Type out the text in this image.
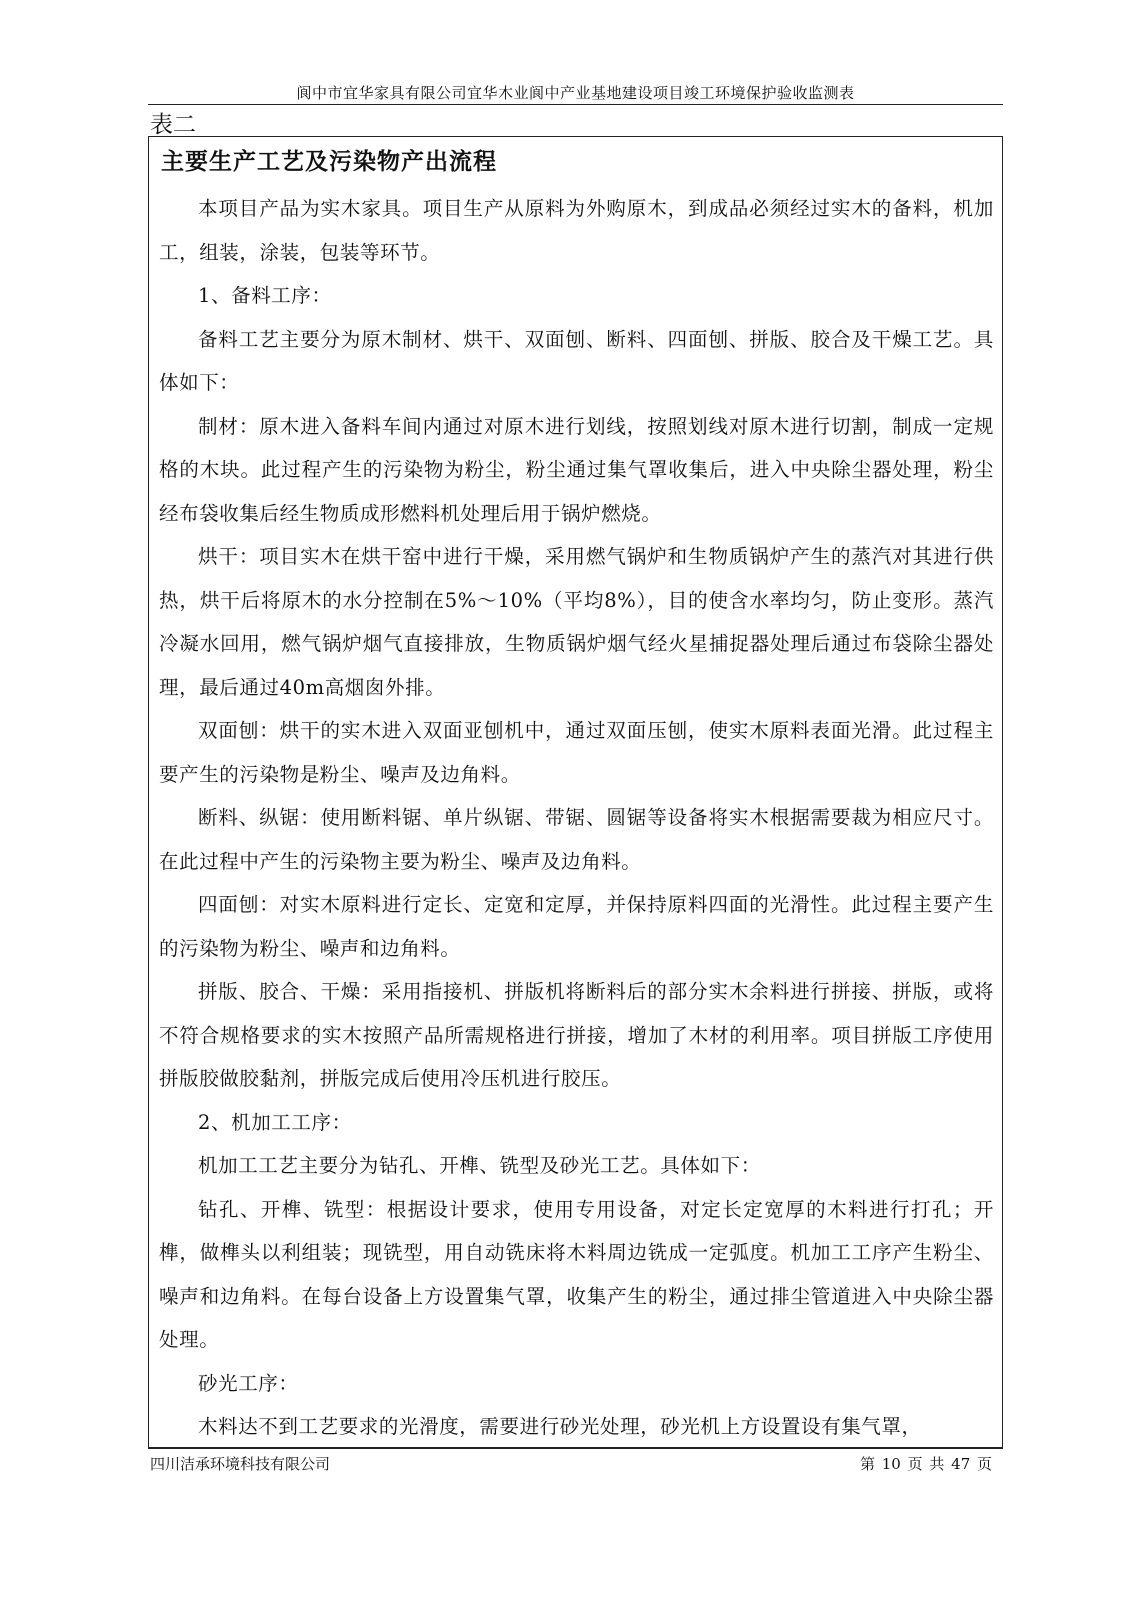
阆中市宜华家具有限公司宜华木业阆中产业基地建设项目竣工环境保护验收监测表
表二
主要生产工艺及污染物产出流程

本项目产品为实木家具。项目生产从原料为外购原木，到成品必须经过实木的备料，机加工，组装，涂装，包装等环节。

1、备料工序：

备料工艺主要分为原木制材、烘干、双面刨、断料、四面刨、拼版、胶合及干燥工艺。具体如下：

制材：原木进入备料车间内通过对原木进行划线，按照划线对原木进行切割，制成一定规格的木块。此过程产生的污染物为粉尘，粉尘通过集气罩收集后，进入中央除尘器处理，粉尘经布袋收集后经生物质成形燃料机处理后用于锅炉燃烧。

烘干：项目实木在烘干窑中进行干燥，采用燃气锅炉和生物质锅炉产生的蒸汽对其进行供热，烘干后将原木的水分控制在5%～10%（平均8%），目的使含水率均匀，防止变形。蒸汽冷凝水回用，燃气锅炉烟气直接排放，生物质锅炉烟气经火星捕捉器处理后通过布袋除尘器处理，最后通过40m高烟囱外排。

双面刨：烘干的实木进入双面亚刨机中，通过双面压刨，使实木原料表面光滑。此过程主要产生的污染物是粉尘、噪声及边角料。

断料、纵锯：使用断料锯、单片纵锯、带锯、圆锯等设备将实木根据需要裁为相应尺寸。在此过程中产生的污染物主要为粉尘、噪声及边角料。

四面刨：对实木原料进行定长、定宽和定厚，并保持原料四面的光滑性。此过程主要产生的污染物为粉尘、噪声和边角料。

拼版、胶合、干燥：采用指接机、拼版机将断料后的部分实木余料进行拼接、拼版，或将不符合规格要求的实木按照产品所需规格进行拼接，增加了木材的利用率。项目拼版工序使用拼版胶做胶黏剂，拼版完成后使用冷压机进行胶压。

2、机加工工序：

机加工工艺主要分为钻孔、开榫、铣型及砂光工艺。具体如下：

钻孔、开榫、铣型：根据设计要求，使用专用设备，对定长定宽厚的木料进行打孔；开榫，做榫头以利组装；现铣型，用自动铣床将木料周边铣成一定弧度。机加工工序产生粉尘、噪声和边角料。在每台设备上方设置集气罩，收集产生的粉尘，通过排尘管道进入中央除尘器处理。

砂光工序：

木料达不到工艺要求的光滑度，需要进行砂光处理，砂光机上方设置设有集气罩，

四川洁承环境科技有限公司	第 10 页 共 47 页
